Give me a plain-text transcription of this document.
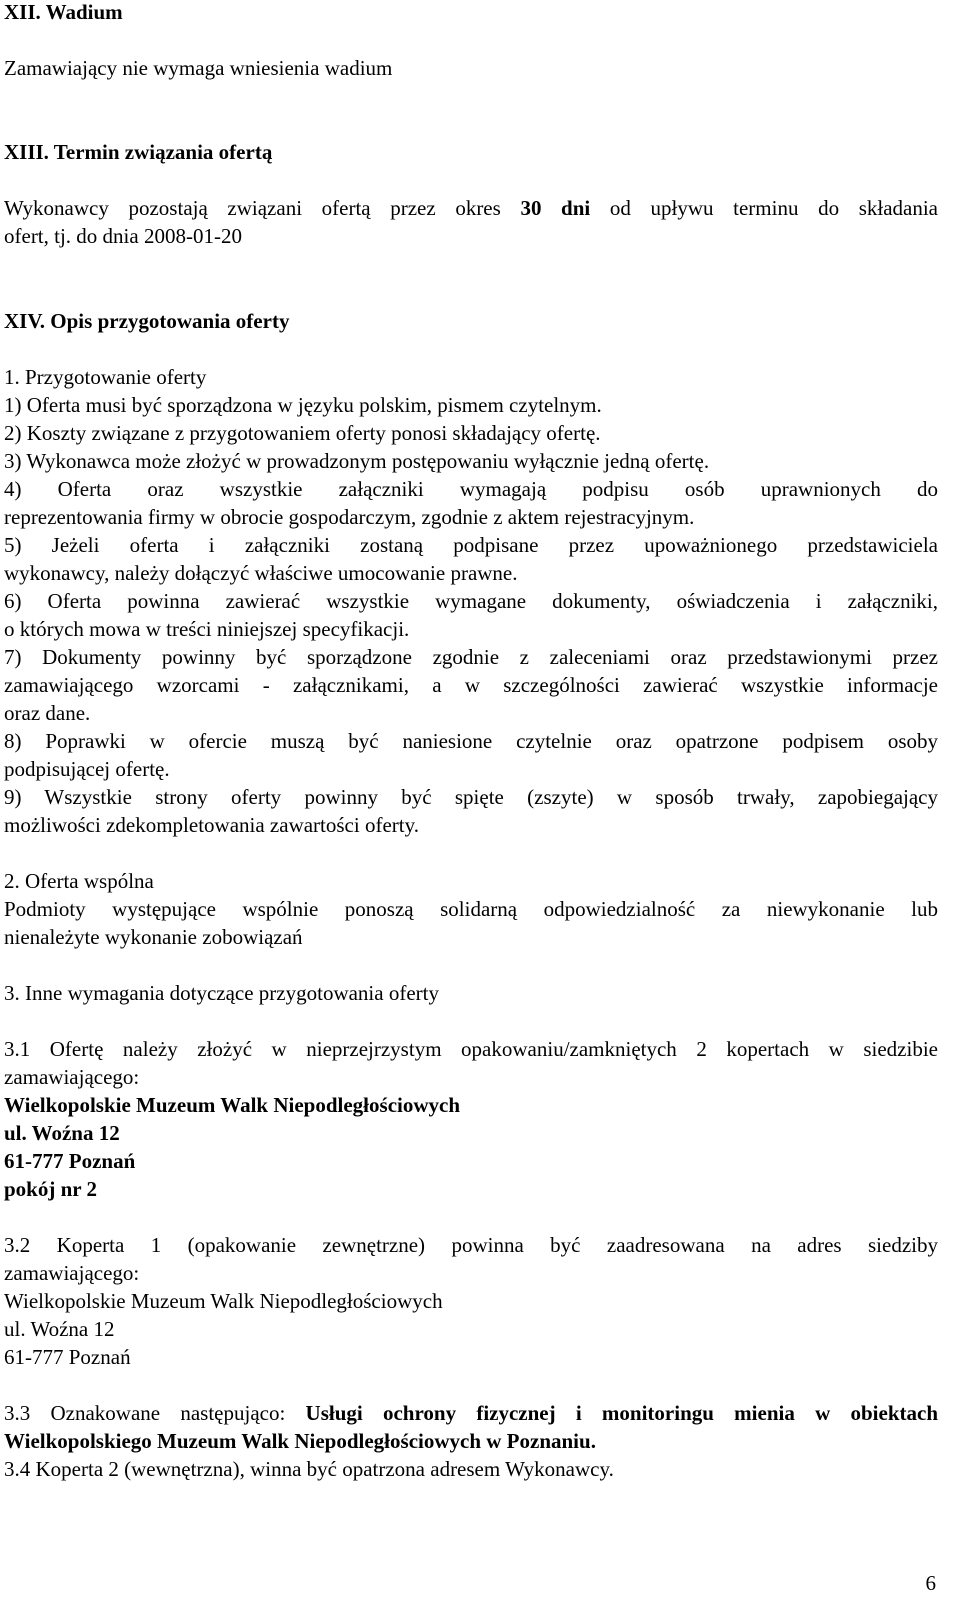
XII. Wadium
Zamawiający nie wymaga wniesienia wadium
XIII. Termin związania ofertą
Wykonawcy pozostają związani ofertą przez okres 30 dni od upływu terminu do składania
ofert, tj. do dnia 2008-01-20
XIV. Opis przygotowania oferty
1. Przygotowanie oferty
1) Oferta musi być sporządzona w języku polskim, pismem czytelnym.
2) Koszty związane z przygotowaniem oferty ponosi składający ofertę.
3) Wykonawca może złożyć w prowadzonym postępowaniu wyłącznie jedną ofertę.
4) Oferta oraz wszystkie załączniki wymagają podpisu osób uprawnionych do
reprezentowania firmy w obrocie gospodarczym, zgodnie z aktem rejestracyjnym.
5) Jeżeli oferta i załączniki zostaną podpisane przez upoważnionego przedstawiciela
wykonawcy, należy dołączyć właściwe umocowanie prawne.
6) Oferta powinna zawierać wszystkie wymagane dokumenty, oświadczenia i załączniki,
o których mowa w treści niniejszej specyfikacji.
7) Dokumenty powinny być sporządzone zgodnie z zaleceniami oraz przedstawionymi przez
zamawiającego wzorcami - załącznikami, a w szczególności zawierać wszystkie informacje
oraz dane.
8) Poprawki w ofercie muszą być naniesione czytelnie oraz opatrzone podpisem osoby
podpisującej ofertę.
9) Wszystkie strony oferty powinny być spięte (zszyte) w sposób trwały, zapobiegający
możliwości zdekompletowania zawartości oferty.
2. Oferta wspólna
Podmioty występujące wspólnie ponoszą solidarną odpowiedzialność za niewykonanie lub
nienależyte wykonanie zobowiązań
3. Inne wymagania dotyczące przygotowania oferty
3.1 Ofertę należy złożyć w nieprzejrzystym opakowaniu/zamkniętych 2 kopertach w siedzibie
zamawiającego:
Wielkopolskie Muzeum Walk Niepodległościowych
ul. Woźna 12
61-777 Poznań
pokój nr 2
3.2 Koperta 1 (opakowanie zewnętrzne) powinna być zaadresowana na adres siedziby
zamawiającego:
Wielkopolskie Muzeum Walk Niepodległościowych
ul. Woźna 12
61-777 Poznań
3.3 Oznakowane następująco: Usługi ochrony fizycznej i monitoringu mienia w obiektach
Wielkopolskiego Muzeum Walk Niepodległościowych w Poznaniu.
3.4 Koperta 2 (wewnętrzna), winna być opatrzona adresem Wykonawcy.
6
